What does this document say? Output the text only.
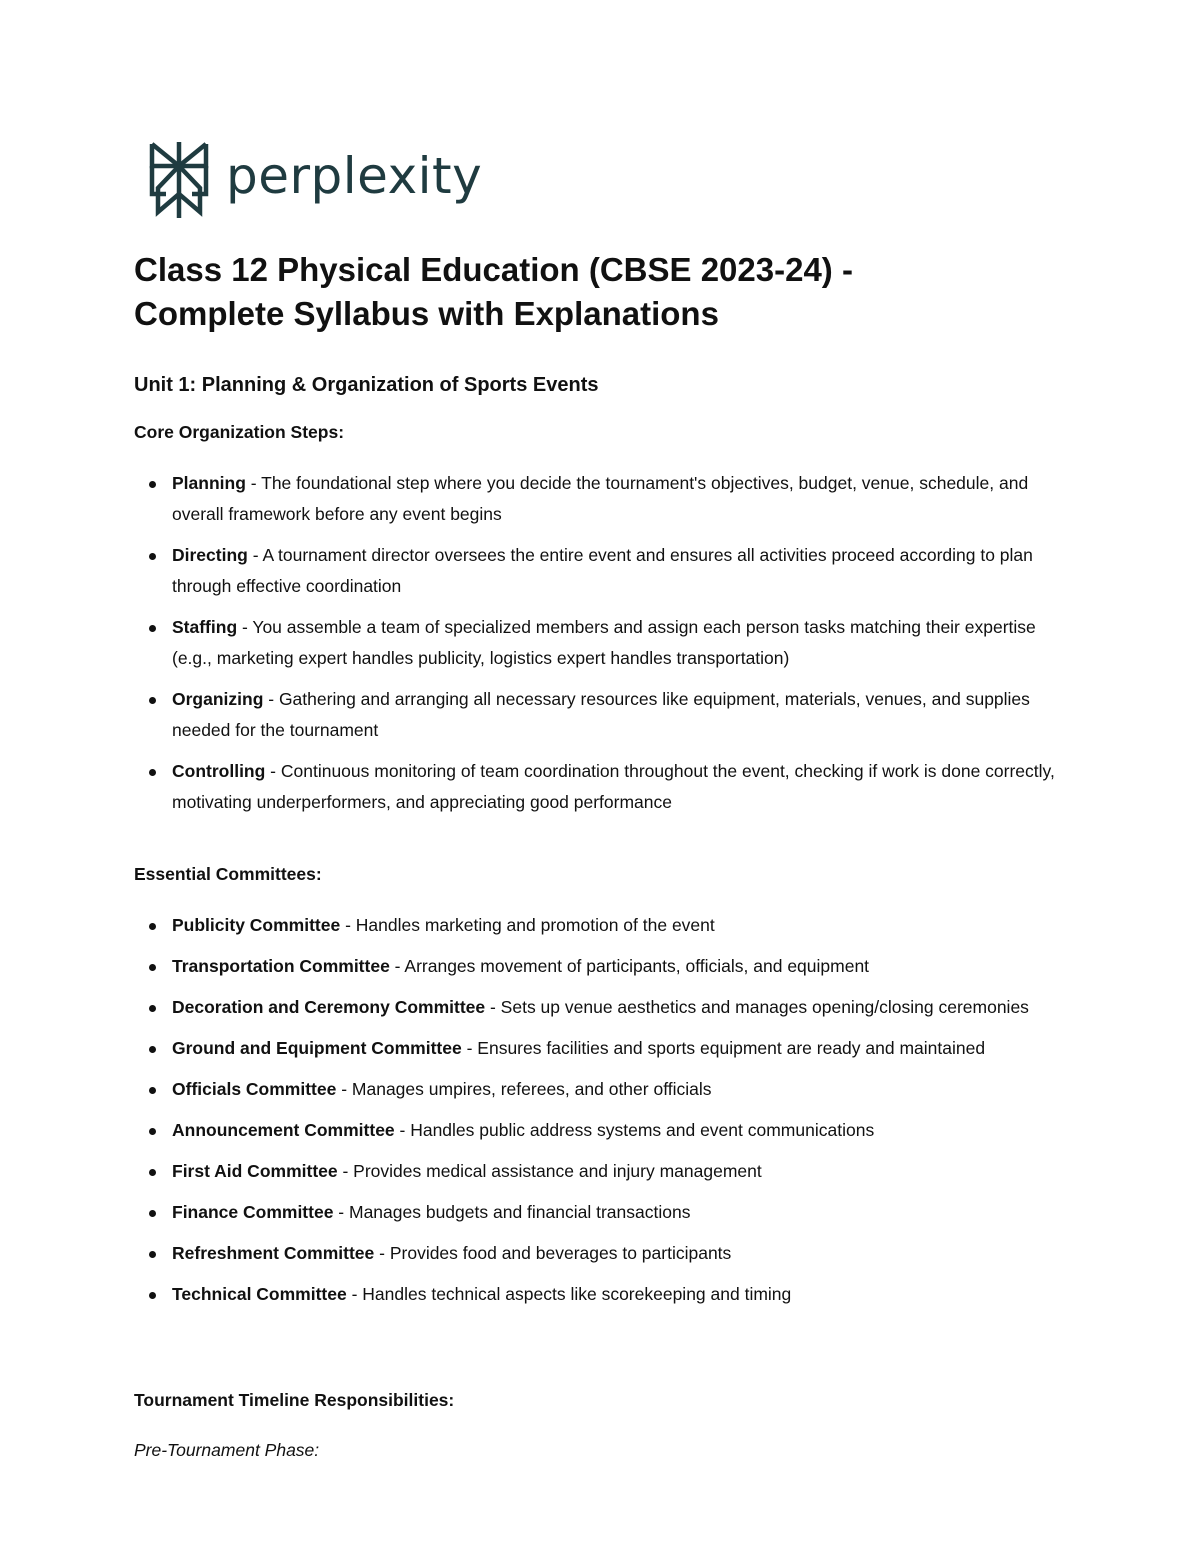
perplexity
Class 12 Physical Education (CBSE 2023-24) -
Complete Syllabus with Explanations
Unit 1: Planning & Organization of Sports Events
Core Organization Steps:
Planning - The foundational step where you decide the tournament's objectives, budget, venue, schedule, and overall framework before any event begins
Directing - A tournament director oversees the entire event and ensures all activities proceed according to plan through effective coordination
Staffing - You assemble a team of specialized members and assign each person tasks matching their expertise (e.g., marketing expert handles publicity, logistics expert handles transportation)
Organizing - Gathering and arranging all necessary resources like equipment, materials, venues, and supplies needed for the tournament
Controlling - Continuous monitoring of team coordination throughout the event, checking if work is done correctly, motivating underperformers, and appreciating good performance
Essential Committees:
Publicity Committee - Handles marketing and promotion of the event
Transportation Committee - Arranges movement of participants, officials, and equipment
Decoration and Ceremony Committee - Sets up venue aesthetics and manages opening/closing ceremonies
Ground and Equipment Committee - Ensures facilities and sports equipment are ready and maintained
Officials Committee - Manages umpires, referees, and other officials
Announcement Committee - Handles public address systems and event communications
First Aid Committee - Provides medical assistance and injury management
Finance Committee - Manages budgets and financial transactions
Refreshment Committee - Provides food and beverages to participants
Technical Committee - Handles technical aspects like scorekeeping and timing
Tournament Timeline Responsibilities:
Pre-Tournament Phase:
